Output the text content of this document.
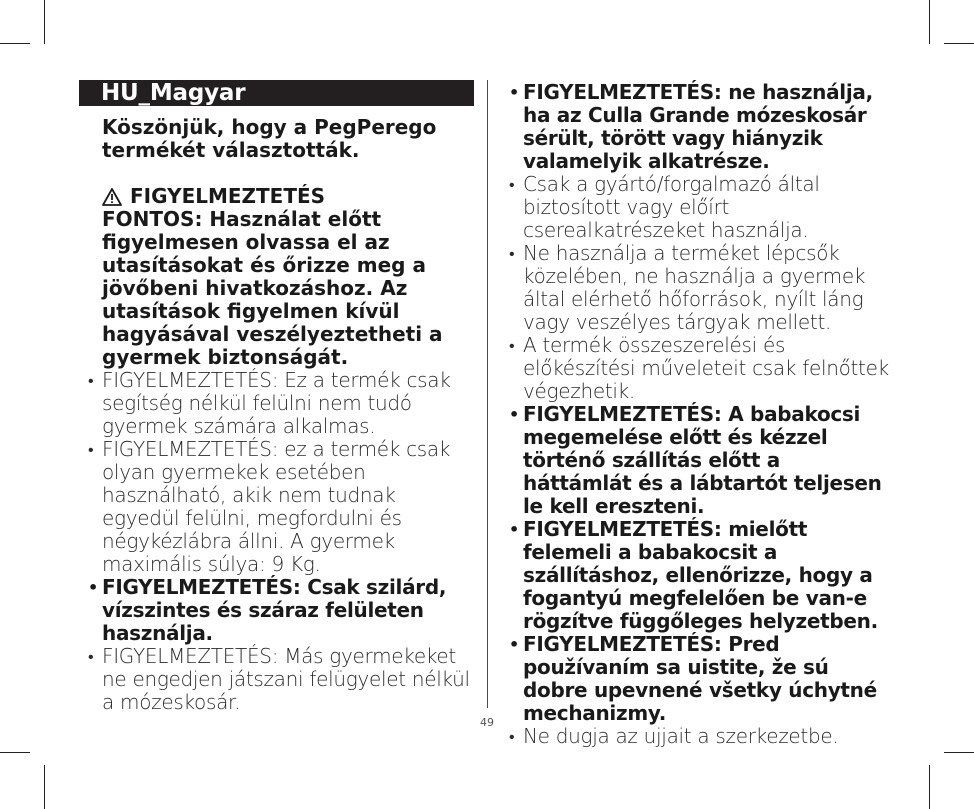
HU_Magyar
49

Köszönjük, hogy a PegPerego termékét választották.

FIGYELMEZTETÉS

FONTOS: Használat előtt figyelmesen olvassa el az utasításokat és őrizze meg a jövőbeni hivatkozáshoz. Az utasítások figyelmen kívül hagyásával veszélyeztetheti a gyermek biztonságát.

• FIGYELMEZTETÉS: Ez a termék csak segítség nélkül felülni nem tudó gyermek számára alkalmas.
• FIGYELMEZTETÉS: ez a termék csak olyan gyermekek esetében használható, akik nem tudnak egyedül felülni, megfordulni és négykézlábra állni. A gyermek maximális súlya: 9 Kg.
• FIGYELMEZTETÉS: Csak szilárd, vízszintes és száraz felületen használja.
• FIGYELMEZTETÉS: Más gyermekeket ne engedjen játszani felügyelet nélkül a mózeskosár.
• FIGYELMEZTETÉS: ne használja, ha az Culla Grande mózeskosár sérült, törött vagy hiányzik valamelyik alkatrésze.
• Csak a gyártó/forgalmazó által biztosított vagy előírt cserealkatrészeket használja.
• Ne használja a terméket lépcsők közelében, ne használja a gyermek által elérhető hőforrások, nyílt láng vagy veszélyes tárgyak mellett.
• A termék összeszerelési és előkészítési műveleteit csak felnőttek végezhetik.
• FIGYELMEZTETÉS: A babakocsi megemelése előtt és kézzel történő szállítás előtt a háttámlát és a lábtartót teljesen le kell ereszteni.
• FIGYELMEZTETÉS: mielőtt felemeli a babakocsit a szállításhoz, ellenőrizze, hogy a fogantyú megfelelően be van-e rögzítve függőleges helyzetben.
• FIGYELMEZTETÉS: Pred používaním sa uistite, že sú dobre upevnené všetky úchytné mechanizmy.
• Ne dugja az ujjait a szerkezetbe.
